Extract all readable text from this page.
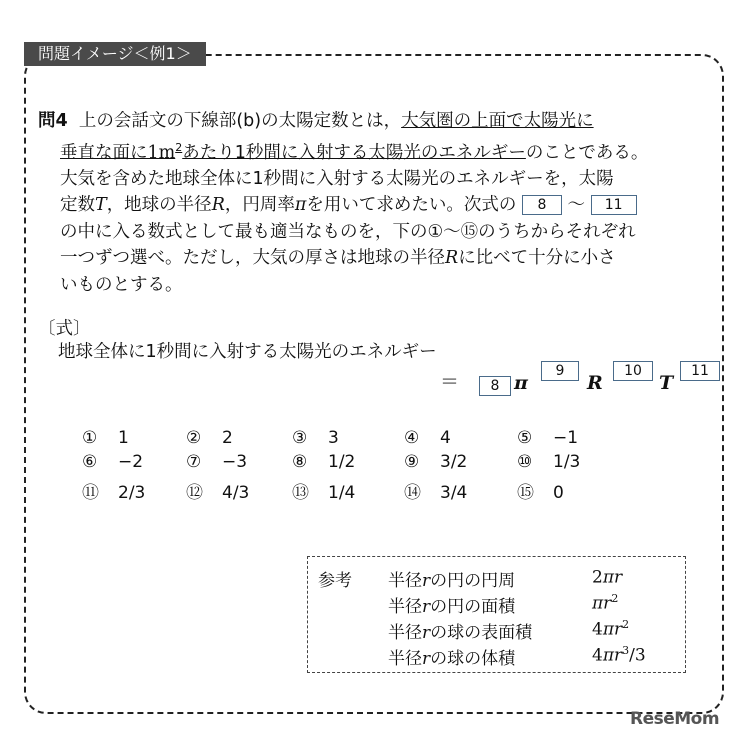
問題イメージ＜例1＞
問4 上の会話文の下線部(b)の太陽定数とは，大気圏の上面で太陽光に
垂直な面に$1m^2$あたり1秒間に入射する太陽光のエネルギーのことである。
大気を含めた地球全体に1秒間に入射する太陽光のエネルギーを，太陽
定数T，地球の半径R，円周率πを用いて求めたい。次式の 8 〜 11
の中に入る数式として最も適当なものを，下の①〜⑮のうちからそれぞれ
一つずつ選べ。ただし，大気の厚さは地球の半径Rに比べて十分に小さ
いものとする。
〔式〕
地球全体に1秒間に入射する太陽光のエネルギー
＝	8 π
9
R
10
T
11
① 1	② 2	③ 3	④ 4	⑤ −1
⑥ −2	⑦ −3	⑧ 1/2	⑨ 3/2	⑩ 1/3
⑪ 2/3 ⑫ 4/3	⑬ 1/4	⑭ 3/4	⑮ 0
参考 半径rの円の円周	2πr
半径rの円の面積	$\pi r^2$
半径rの球の表面積	$4\pi r^2$
半径rの球の体積	$4\pi r^3/3$
ReseMom
